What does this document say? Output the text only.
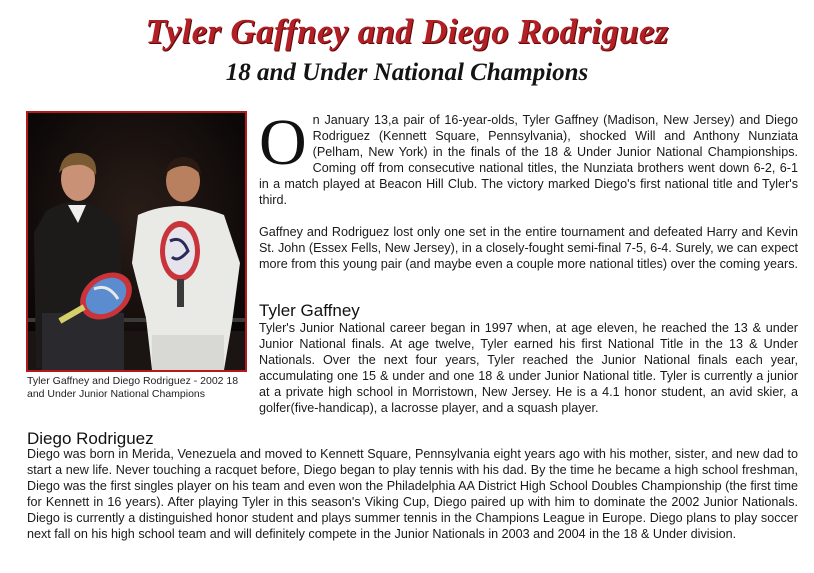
Tyler Gaffney and Diego Rodriguez
18 and Under National Champions
Tyler Gaffney and Diego Rodriguez - 2002 18 and Under Junior National Champions
On January 13,a pair of 16-year-olds, Tyler Gaffney (Madison, New Jersey) and Diego Rodriguez (Kennett Square, Pennsylvania), shocked Will and Anthony Nunziata (Pelham, New York) in the finals of the 18 & Under Junior National Championships. Coming off from consecutive national titles, the Nunziata brothers went down 6-2, 6-1 in a match played at Beacon Hill Club. The victory marked Diego's first national title and Tyler's third.
Gaffney and Rodriguez lost only one set in the entire tournament and defeated Harry and Kevin St. John (Essex Fells, New Jersey), in a closely-fought semi-final 7-5, 6-4. Surely, we can expect more from this young pair (and maybe even a couple more national titles) over the coming years.
Tyler Gaffney
Tyler's Junior National career began in 1997 when, at age eleven, he reached the 13 & under Junior National finals. At age twelve, Tyler earned his first National Title in the 13 & Under Nationals. Over the next four years, Tyler reached the Junior National finals each year, accumulating one 15 & under and one 18 & under Junior National title. Tyler is currently a junior at a private high school in Morristown, New Jersey. He is a 4.1 honor student, an avid skier, a golfer(five-handicap), a lacrosse player, and a squash player.
Diego Rodriguez
Diego was born in Merida, Venezuela and moved to Kennett Square, Pennsylvania eight years ago with his mother, sister, and new dad to start a new life. Never touching a racquet before, Diego began to play tennis with his dad. By the time he became a high school freshman, Diego was the first singles player on his team and even won the Philadelphia AA District High School Doubles Championship (the first time for Kennett in 16 years). After playing Tyler in this season's Viking Cup, Diego paired up with him to dominate the 2002 Junior Nationals. Diego is currently a distinguished honor student and plays summer tennis in the Champions League in Europe. Diego plans to play soccer next fall on his high school team and will definitely compete in the Junior Nationals in 2003 and 2004 in the 18 & Under division.
